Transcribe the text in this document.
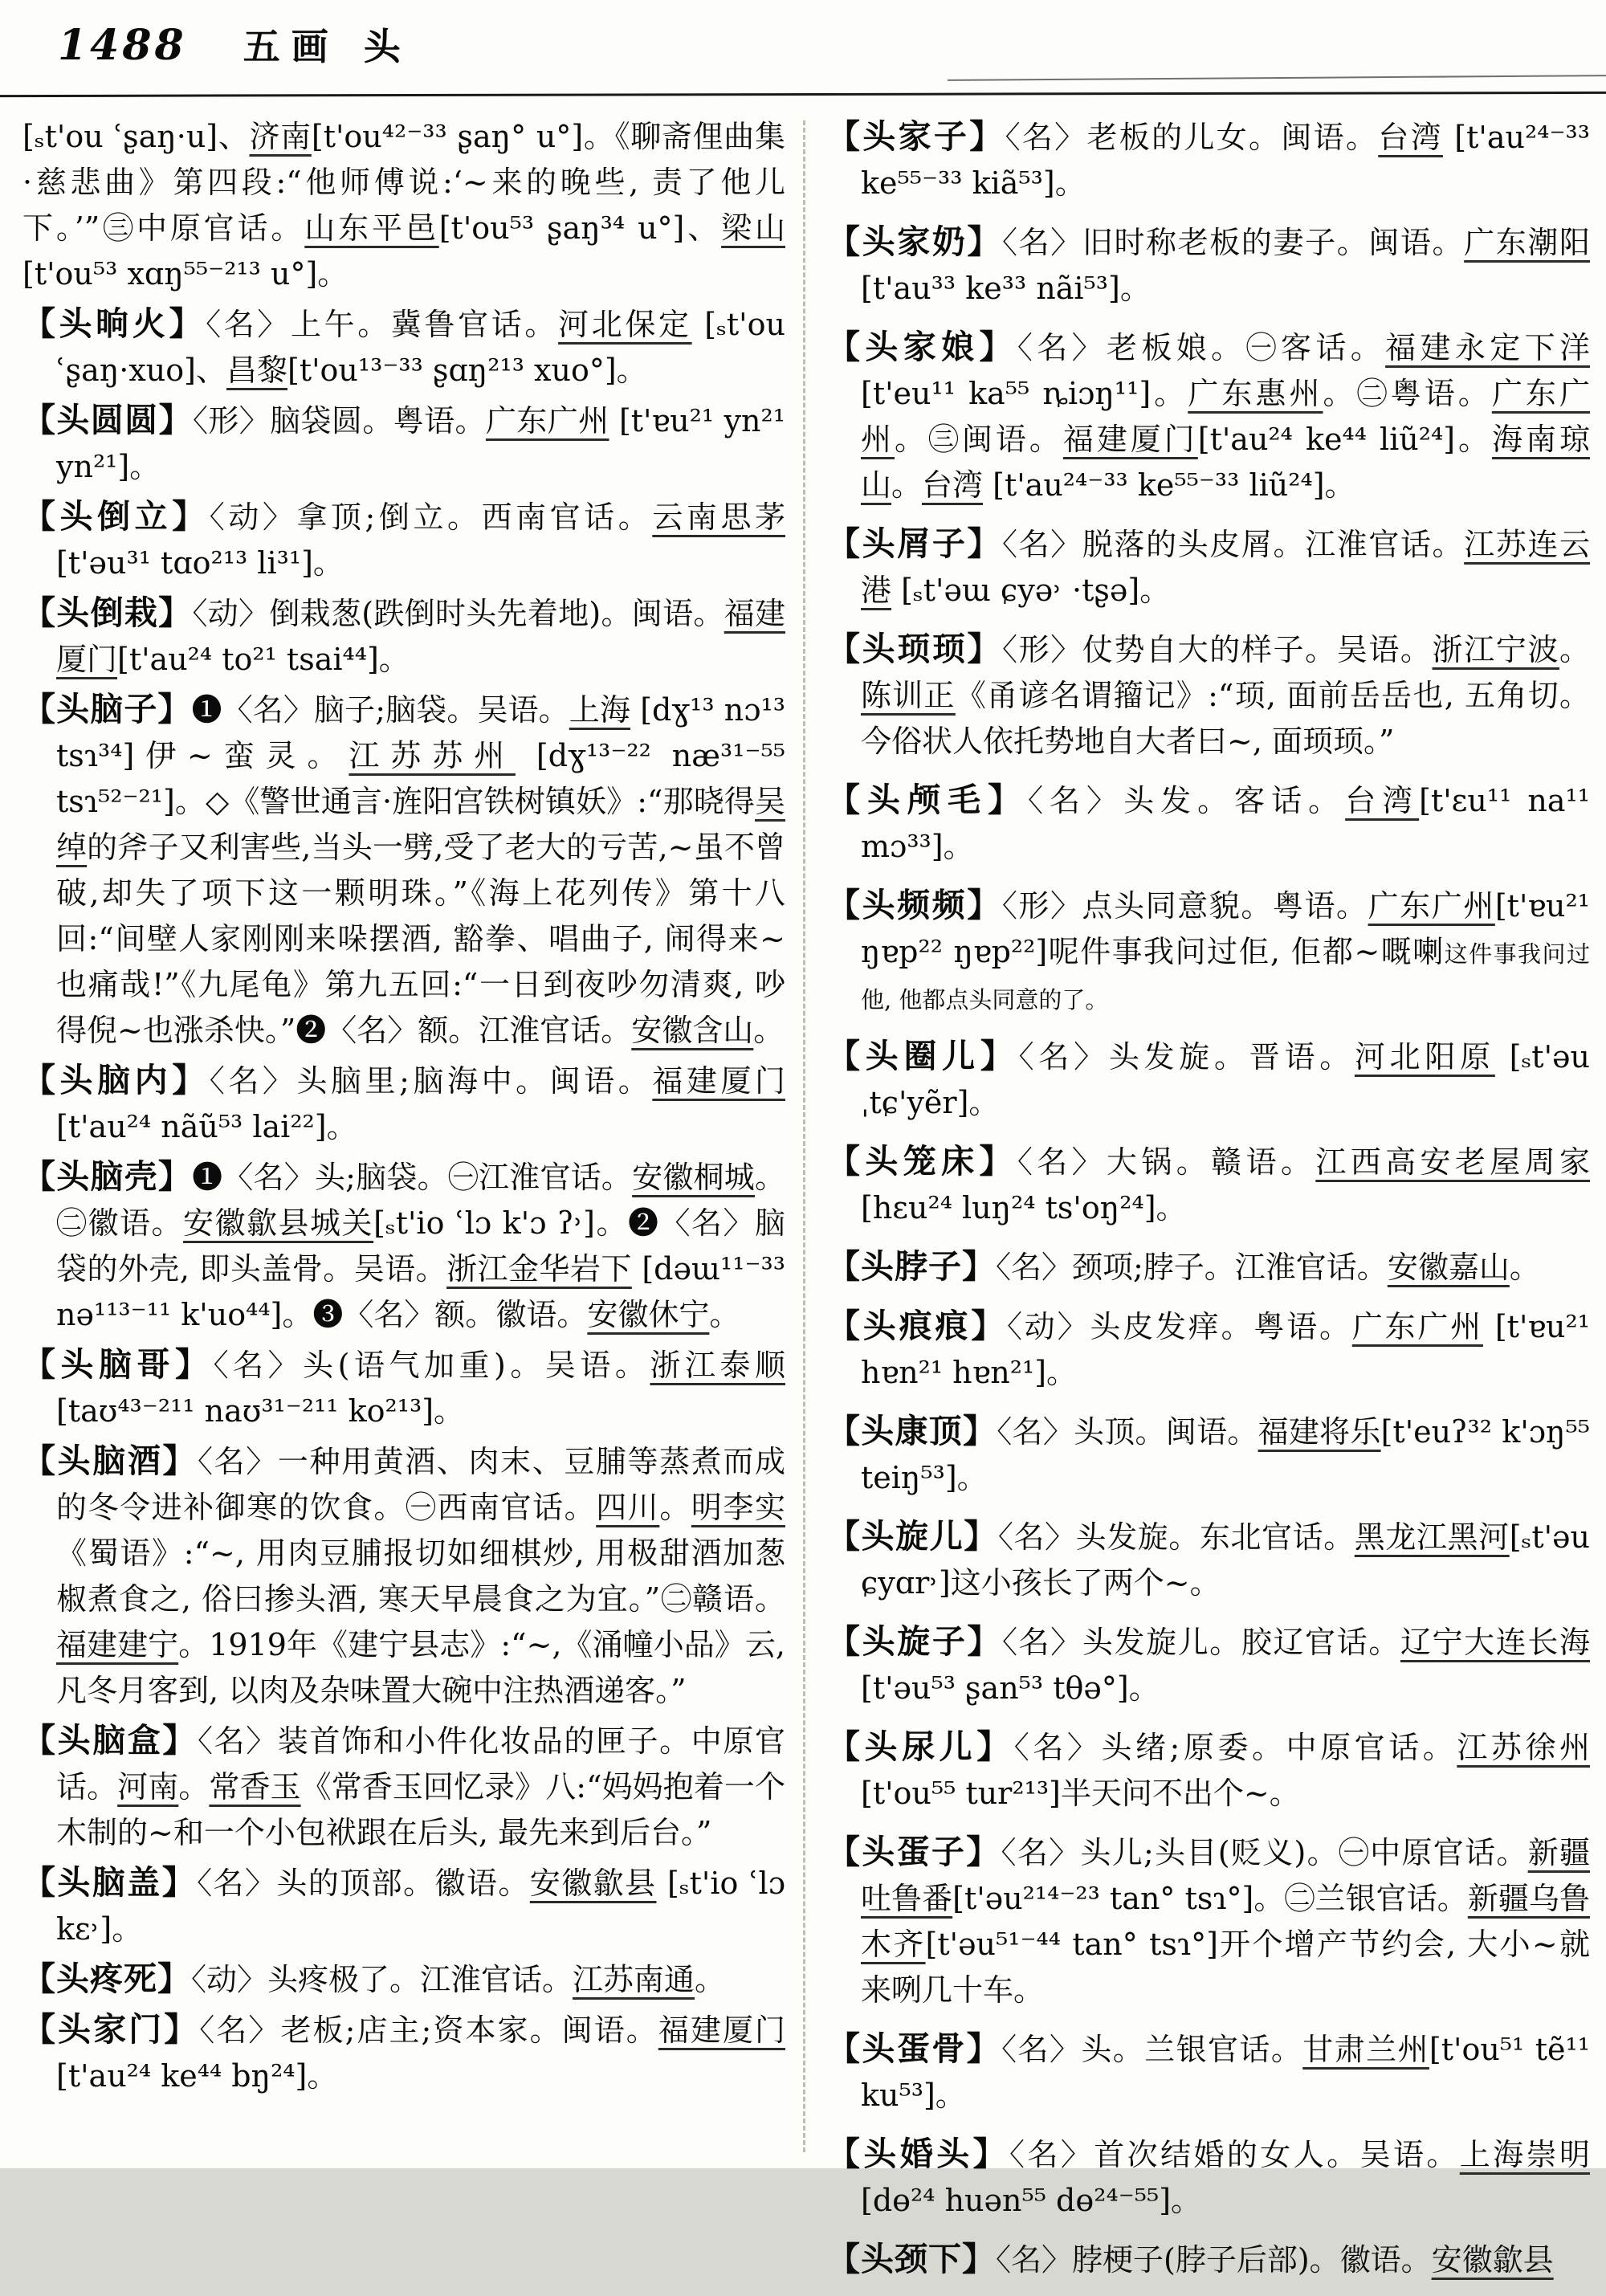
1488 五画 头

[ₛt'ou ʿʂaŋ·u]、济南[t'ou⁴²⁻³³ ʂaŋ° u°]。《聊斋俚曲集·慈悲曲》第四段:“他师傅说:‘~来的晚些, 责了他儿下。’”㊂中原官话。山东平邑[t'ou⁵³ ʂaŋ³⁴ u°]、梁山[t'ou⁵³ xɑŋ⁵⁵⁻²¹³ u°]。

【头晌火】〈名〉上午。冀鲁官话。河北保定 [ₛt'ou ʿʂaŋ·xuo]、昌黎[t'ou¹³⁻³³ ʂɑŋ²¹³ xuo°]。

【头圆圆】〈形〉脑袋圆。粤语。广东广州 [t'ɐu²¹ yn²¹ yn²¹]。

【头倒立】〈动〉拿顶;倒立。西南官话。云南思茅 [t'əu³¹ tɑo²¹³ li³¹]。

【头倒栽】〈动〉倒栽葱(跌倒时头先着地)。闽语。福建厦门[t'au²⁴ to²¹ tsai⁴⁴]。

【头脑子】❶〈名〉脑子;脑袋。吴语。上海 [dɣ¹³ nɔ¹³ tsɿ³⁴]伊~蛮灵。江苏苏州 [dɣ¹³⁻²² næ³¹⁻⁵⁵ tsɿ⁵²⁻²¹]。◇《警世通言·旌阳宫铁树镇妖》:“那晓得吴绰的斧子又利害些,当头一劈,受了老大的亏苦,~虽不曾破,却失了项下这一颗明珠。”《海上花列传》第十八回:“间壁人家刚刚来哚摆酒, 豁拳、唱曲子, 闹得来~也痛哉!”《九尾龟》第九五回:“一日到夜吵勿清爽, 吵得倪~也涨杀快。”❷〈名〉额。江淮官话。安徽含山。

【头脑内】〈名〉头脑里;脑海中。闽语。福建厦门 [t'au²⁴ nãũ⁵³ lai²²]。

【头脑壳】❶〈名〉头;脑袋。㊀江淮官话。安徽桐城。㊁徽语。安徽歙县城关[ₛt'io ʿlɔ k'ɔ ʔ˒]。❷〈名〉脑袋的外壳, 即头盖骨。吴语。浙江金华岩下 [dəɯ¹¹⁻³³ nə¹¹³⁻¹¹ k'uo⁴⁴]。❸〈名〉额。徽语。安徽休宁。

【头脑哥】〈名〉头(语气加重)。吴语。浙江泰顺 [taʊ⁴³⁻²¹¹ naʊ³¹⁻²¹¹ ko²¹³]。

【头脑酒】〈名〉一种用黄酒、肉末、豆脯等蒸煮而成的冬令进补御寒的饮食。㊀西南官话。四川。明李实《蜀语》:“~, 用肉豆脯报切如细棋炒, 用极甜酒加葱椒煮食之, 俗曰掺头酒, 寒天早晨食之为宜。”㊁赣语。福建建宁。1919年《建宁县志》:“~,《涌幢小品》云, 凡冬月客到, 以肉及杂味置大碗中注热酒递客。”

【头脑盒】〈名〉装首饰和小件化妆品的匣子。中原官话。河南。常香玉《常香玉回忆录》八:“妈妈抱着一个木制的~和一个小包袱跟在后头, 最先来到后台。”

【头脑盖】〈名〉头的顶部。徽语。安徽歙县 [ₛt'io ʿlɔ kɛ˒]。

【头疼死】〈动〉头疼极了。江淮官话。江苏南通。

【头家门】〈名〉老板;店主;资本家。闽语。福建厦门[t'au²⁴ ke⁴⁴ bŋ²⁴]。

【头家子】〈名〉老板的儿女。闽语。台湾 [t'au²⁴⁻³³ ke⁵⁵⁻³³ kiã⁵³]。

【头家奶】〈名〉旧时称老板的妻子。闽语。广东潮阳 [t'au³³ ke³³ nãi⁵³]。

【头家娘】〈名〉老板娘。㊀客话。福建永定下洋[t'eu¹¹ ka⁵⁵ ȵiɔŋ¹¹]。广东惠州。㊁粤语。广东广州。㊂闽语。福建厦门[t'au²⁴ ke⁴⁴ liũ²⁴]。海南琼山。台湾 [t'au²⁴⁻³³ ke⁵⁵⁻³³ liũ²⁴]。

【头屑子】〈名〉脱落的头皮屑。江淮官话。江苏连云港 [ₛt'əɯ ɕyə˒ ·tʂə]。

【头顼顼】〈形〉仗势自大的样子。吴语。浙江宁波。陈训正《甬谚名谓籀记》:“顼, 面前岳岳也, 五角切。今俗状人依托势地自大者曰~, 面顼顼。”

【头颅毛】〈名〉头发。客话。台湾[t'ɛu¹¹ na¹¹ mɔ³³]。

【头频频】〈形〉点头同意貌。粤语。广东广州[t'ɐu²¹ ŋɐp²² ŋɐp²²]呢件事我问过佢, 佢都~嘅喇这件事我问过他, 他都点头同意的了。

【头圈儿】〈名〉头发旋。晋语。河北阳原 [ₛt'əu ˌtɕ'yẽr]。

【头笼床】〈名〉大锅。赣语。江西高安老屋周家[hɛu²⁴ luŋ²⁴ ts'oŋ²⁴]。

【头脖子】〈名〉颈项;脖子。江淮官话。安徽嘉山。

【头痕痕】〈动〉头皮发痒。粤语。广东广州 [t'ɐu²¹ hɐn²¹ hɐn²¹]。

【头康顶】〈名〉头顶。闽语。福建将乐[t'euʔ³² k'ɔŋ⁵⁵ teiŋ⁵³]。

【头旋儿】〈名〉头发旋。东北官话。黑龙江黑河[ₛt'əu ɕyɑr˒]这小孩长了两个~。

【头旋子】〈名〉头发旋儿。胶辽官话。辽宁大连长海 [t'əu⁵³ ʂan⁵³ tθə°]。

【头尿儿】〈名〉头绪;原委。中原官话。江苏徐州 [t'ou⁵⁵ tur²¹³]半天问不出个~。

【头蛋子】〈名〉头儿;头目(贬义)。㊀中原官话。新疆吐鲁番[t'əu²¹⁴⁻²³ tan° tsɿ°]。㊁兰银官话。新疆乌鲁木齐[t'əu⁵¹⁻⁴⁴ tan° tsɿ°]开个增产节约会, 大小~就来咧几十车。

【头蛋骨】〈名〉头。兰银官话。甘肃兰州[t'ou⁵¹ tẽ¹¹ ku⁵³]。

【头婚头】〈名〉首次结婚的女人。吴语。上海崇明 [dɵ²⁴ huən⁵⁵ dɵ²⁴⁻⁵⁵]。

【头颈下】〈名〉脖梗子(脖子后部)。徽语。安徽歙县
